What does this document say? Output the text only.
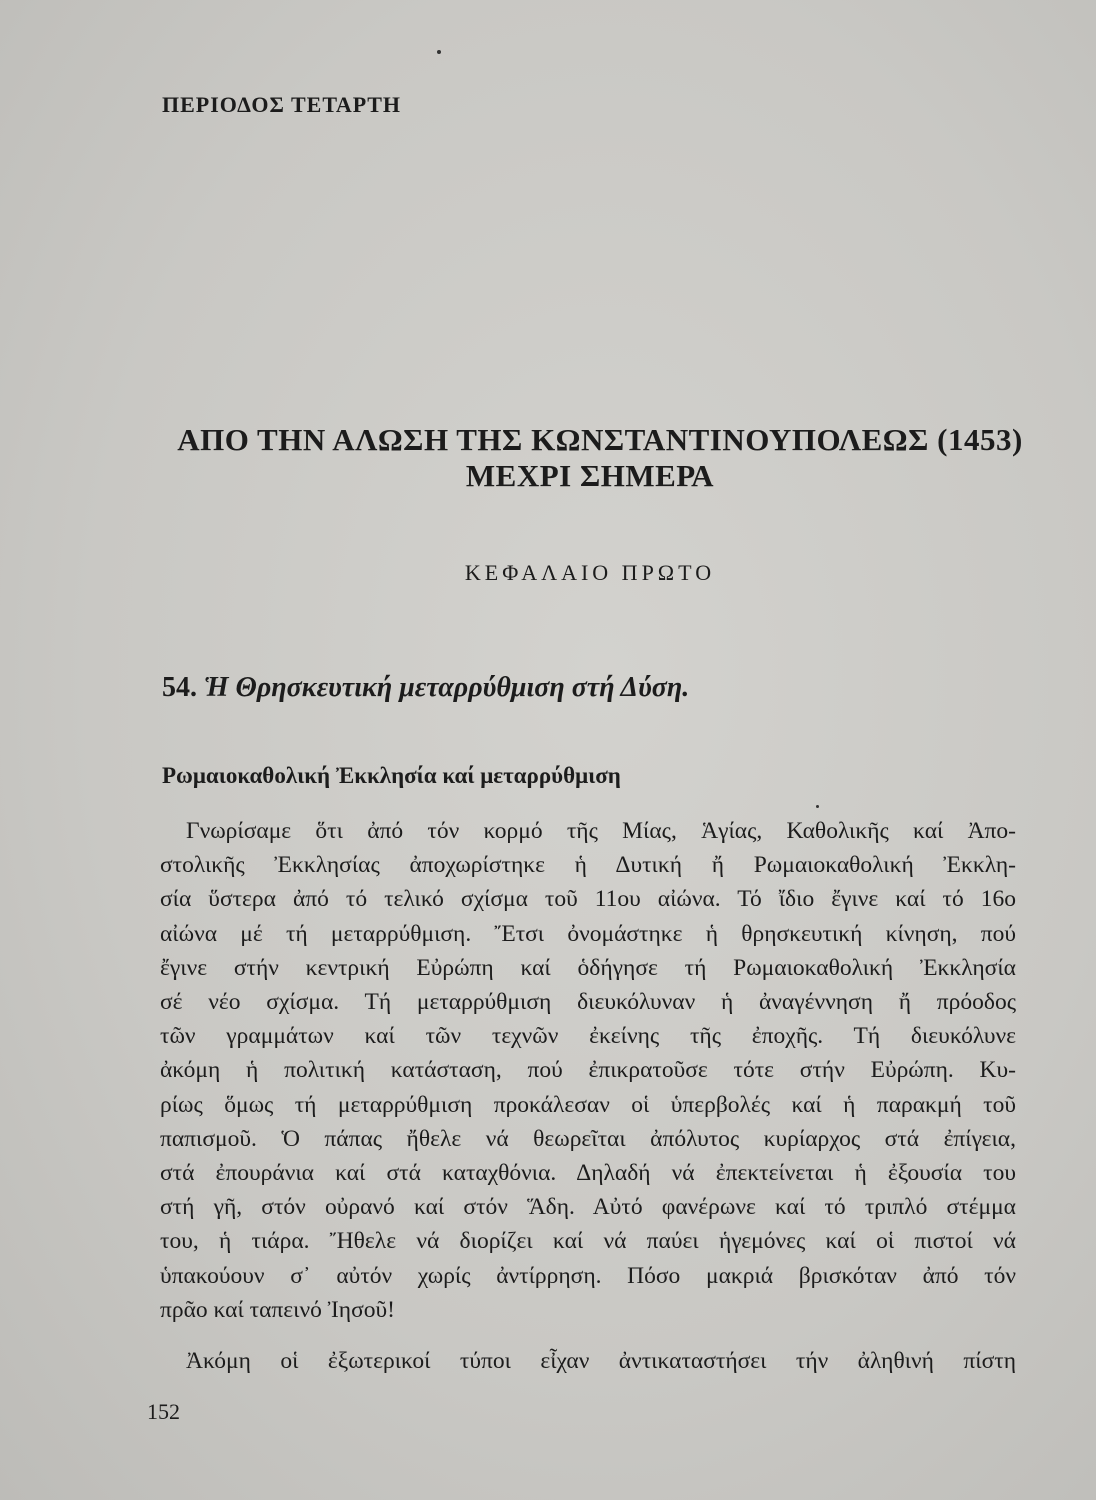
ΠΕΡΙΟΔΟΣ ΤΕΤΑΡΤΗ
ΑΠΟ ΤΗΝ ΑΛΩΣΗ ΤΗΣ ΚΩΝΣΤΑΝΤΙΝΟΥΠΟΛΕΩΣ (1453)
ΜΕΧΡΙ ΣΗΜΕΡΑ
ΚΕΦΑΛΑΙΟ ΠΡΩΤΟ
54. Ἡ Θρησκευτική μεταρρύθμιση στή Δύση.
Ρωμαιοκαθολική Ἐκκλησία καί μεταρρύθμιση
Γνωρίσαμε ὅτι ἀπό τόν κορμό τῆς Μίας, Ἁγίας, Καθολικῆς καί Ἀπο-
στολικῆς Ἐκκλησίας ἀποχωρίστηκε ἡ Δυτική ἤ Ρωμαιοκαθολική Ἐκκλη-
σία ὕστερα ἀπό τό τελικό σχίσμα τοῦ 11ου αἰώνα. Τό ἴδιο ἔγινε καί τό 16ο
αἰώνα μέ τή μεταρρύθμιση. Ἔτσι ὀνομάστηκε ἡ θρησκευτική κίνηση, πού
ἔγινε στήν κεντρική Εὐρώπη καί ὁδήγησε τή Ρωμαιοκαθολική Ἐκκλησία
σέ νέο σχίσμα. Τή μεταρρύθμιση διευκόλυναν ἡ ἀναγέννηση ἤ πρόοδος
τῶν γραμμάτων καί τῶν τεχνῶν ἐκείνης τῆς ἐποχῆς. Τή διευκόλυνε
ἀκόμη ἡ πολιτική κατάσταση, πού ἐπικρατοῦσε τότε στήν Εὐρώπη. Κυ-
ρίως ὅμως τή μεταρρύθμιση προκάλεσαν οἱ ὑπερβολές καί ἡ παρακμή τοῦ
παπισμοῦ. Ὁ πάπας ἤθελε νά θεωρεῖται ἀπόλυτος κυρίαρχος στά ἐπίγεια,
στά ἐπουράνια καί στά καταχθόνια. Δηλαδή νά ἐπεκτείνεται ἡ ἐξουσία του
στή γῆ, στόν οὐρανό καί στόν Ἅδη. Αὐτό φανέρωνε καί τό τριπλό στέμμα
του, ἡ τιάρα. Ἤθελε νά διορίζει καί νά παύει ἡγεμόνες καί οἱ πιστοί νά
ὑπακούουν σ᾽ αὐτόν χωρίς ἀντίρρηση. Πόσο μακριά βρισκόταν ἀπό τόν
πρᾶο καί ταπεινό Ἰησοῦ!
Ἀκόμη οἱ ἐξωτερικοί τύποι εἶχαν ἀντικαταστήσει τήν ἀληθινή πίστη
152
